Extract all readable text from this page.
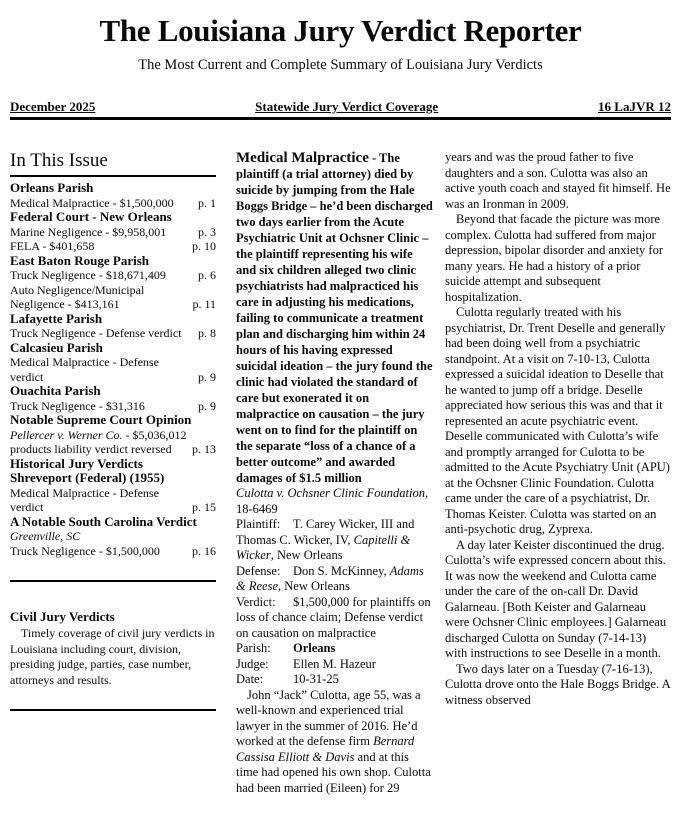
The Louisiana Jury Verdict Reporter
The Most Current and Complete Summary of Louisiana Jury Verdicts
December 2025	Statewide Jury Verdict Coverage	16 LaJVR 12
In This Issue
Orleans Parish
Medical Malpractice - $1,500,000 p. 1
Federal Court - New Orleans
Marine Negligence - $9,958,001	p. 3
FELA - $401,658	p. 10
East Baton Rouge Parish
Truck Negligence - $18,671,409	p. 6
Auto Negligence/Municipal
Negligence - $413,161	p. 11
Lafayette Parish
Truck Negligence - Defense verdict p. 8
Calcasieu Parish
Medical Malpractice - Defense
verdict	p. 9
Ouachita Parish
Truck Negligence - $31,316	p. 9
Notable Supreme Court Opinion
Pellercer v. Werner Co. - $5,036,012
products liability verdict reversed p. 13
Historical Jury Verdicts
Shreveport (Federal) (1955)
Medical Malpractice - Defense
verdict	p. 15
A Notable South Carolina Verdict
Greenville, SC
Truck Negligence - $1,500,000	p. 16
Civil Jury Verdicts

Timely coverage of civil jury verdicts in Louisiana including court, division, presiding judge, parties, case number, attorneys and results.

Medical Malpractice - The plaintiff (a trial attorney) died by suicide by jumping from the Hale Boggs Bridge – he’d been discharged two days earlier from the Acute Psychiatric Unit at Ochsner Clinic – the plaintiff representing his wife and six children alleged two clinic psychiatrists had malpracticed his care in adjusting his medications, failing to communicate a treatment plan and discharging him within 24 hours of his having expressed suicidal ideation – the jury found the clinic had violated the standard of care but exonerated it on malpractice on causation – the jury went on to find for the plaintiff on the separate “loss of a chance of a better outcome” and awarded damages of $1.5 million

Culotta v. Ochsner Clinic Foundation,
18-6469

Plaintiff: T. Carey Wicker, III and Thomas C. Wicker, IV, Capitelli & Wicker, New Orleans

Defense: Don S. McKinney, Adams & Reese, New Orleans

Verdict: $1,500,000 for plaintiffs on loss of chance claim; Defense verdict on causation on malpractice

Parish: Orleans

Judge: Ellen M. Hazeur

Date: 10-31-25

John “Jack” Culotta, age 55, was a well-known and experienced trial lawyer in the summer of 2016. He’d worked at the defense firm Bernard Cassisa Elliott & Davis and at this time had opened his own shop. Culotta had been married (Eileen) for 29

years and was the proud father to five daughters and a son. Culotta was also an active youth coach and stayed fit himself. He was an Ironman in 2009.

Beyond that facade the picture was more complex. Culotta had suffered from major depression, bipolar disorder and anxiety for many years. He had a history of a prior suicide attempt and subsequent hospitalization.

Culotta regularly treated with his psychiatrist, Dr. Trent Deselle and generally had been doing well from a psychiatric standpoint. At a visit on 7-10-13, Culotta expressed a suicidal ideation to Deselle that he wanted to jump off a bridge. Deselle appreciated how serious this was and that it represented an acute psychiatric event. Deselle communicated with Culotta’s wife and promptly arranged for Culotta to be admitted to the Acute Psychiatry Unit (APU) at the Ochsner Clinic Foundation. Culotta came under the care of a psychiatrist, Dr. Thomas Keister. Culotta was started on an anti-psychotic drug, Zyprexa.

A day later Keister discontinued the drug. Culotta’s wife expressed concern about this. It was now the weekend and Culotta came under the care of the on-call Dr. David Galarneau. [Both Keister and Galarneau were Ochsner Clinic employees.] Galarneau discharged Culotta on Sunday (7-14-13) with instructions to see Deselle in a month.

Two days later on a Tuesday (7-16-13), Culotta drove onto the Hale Boggs Bridge. A witness observed
